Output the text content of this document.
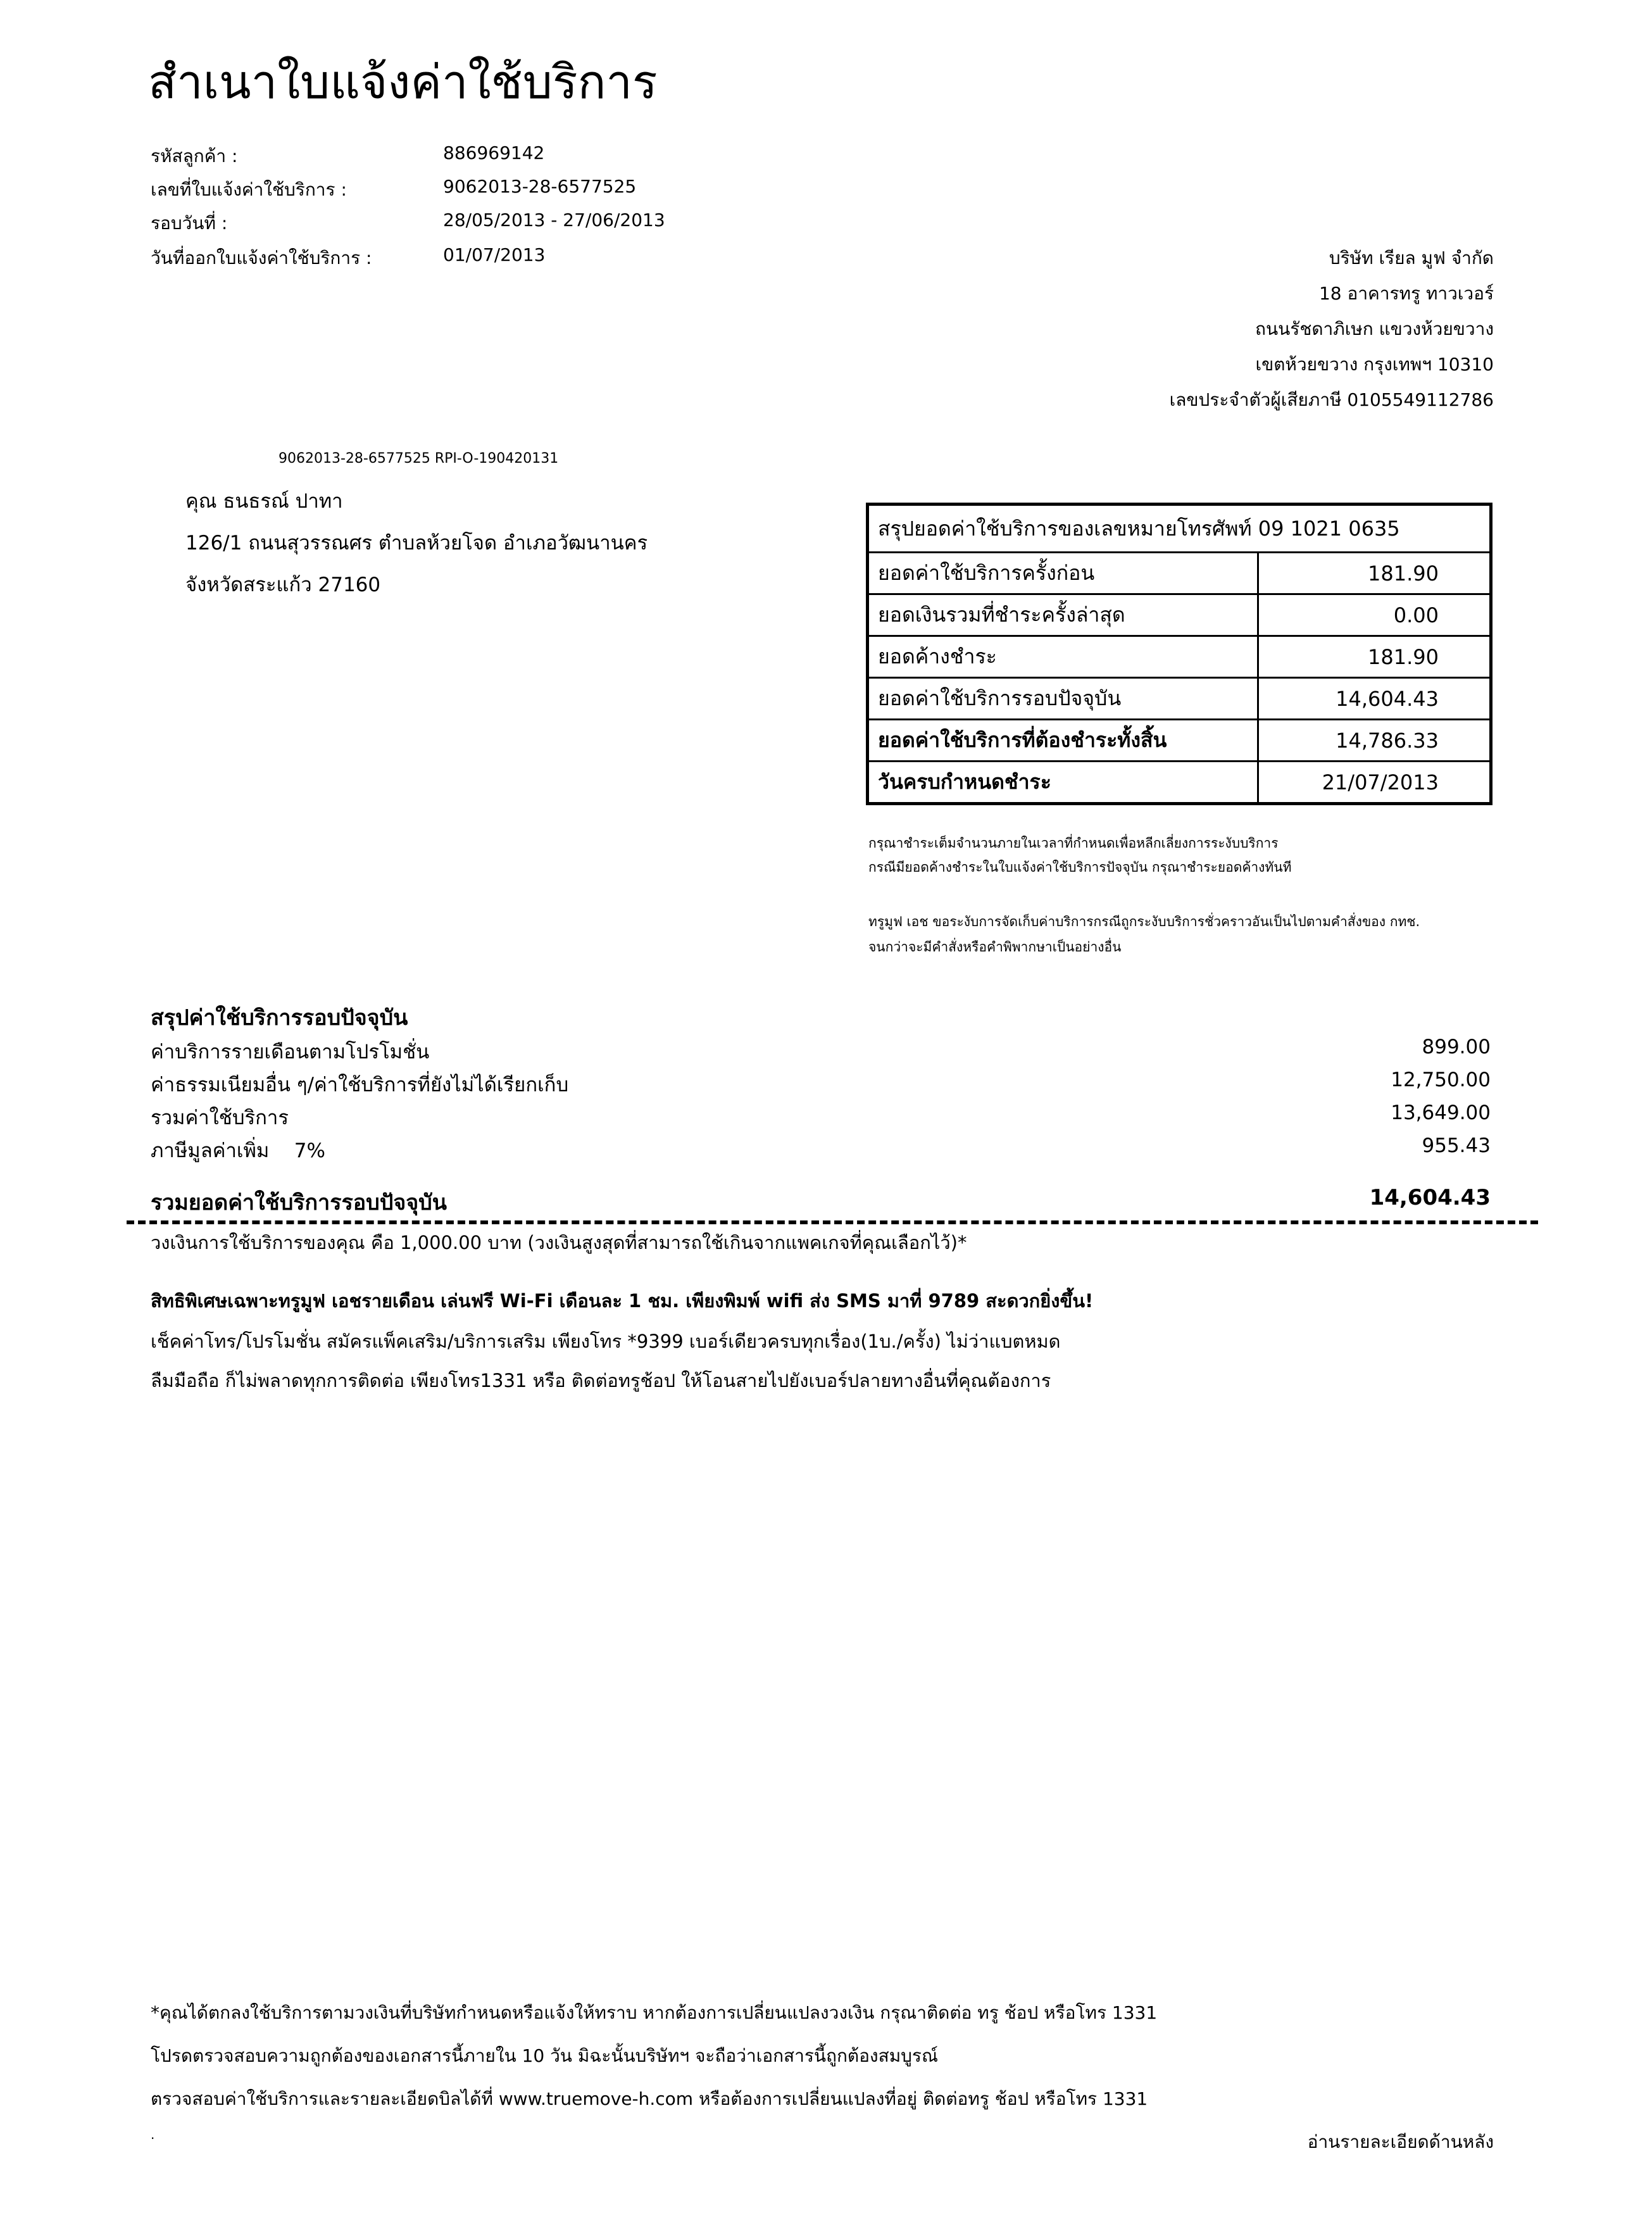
สำเนาใบแจ้งค่าใช้บริการ
รหัสลูกค้า :	886969142
เลขที่ใบแจ้งค่าใช้บริการ :	9062013-28-6577525
รอบวันที่ :	28/05/2013 - 27/06/2013
วันที่ออกใบแจ้งค่าใช้บริการ :	01/07/2013	บริษัท เรียล มูฟ จำกัด
18 อาคารทรู ทาวเวอร์
ถนนรัชดาภิเษก แขวงห้วยขวาง
เขตห้วยขวาง กรุงเทพฯ 10310
เลขประจำตัวผู้เสียภาษี 0105549112786
9062013-28-6577525 RPI-O-190420131
คุณ ธนธรณ์ ปาทา
126/1 ถนนสุวรรณศร ตำบลห้วยโจด อำเภอวัฒนานคร
จังหวัดสระแก้ว 27160
สรุปยอดค่าใช้บริการของเลขหมายโทรศัพท์ 09 1021 0635	
ยอดค่าใช้บริการครั้งก่อน	181.90
ยอดเงินรวมที่ชำระครั้งล่าสุด	0.00
ยอดค้างชำระ	181.90
ยอดค่าใช้บริการรอบปัจจุบัน	14,604.43
ยอดค่าใช้บริการที่ต้องชำระทั้งสิ้น	14,786.33
วันครบกำหนดชำระ	21/07/2013
กรุณาชำระเต็มจำนวนภายในเวลาที่กำหนดเพื่อหลีกเลี่ยงการระงับบริการ
กรณีมียอดค้างชำระในใบแจ้งค่าใช้บริการปัจจุบัน กรุณาชำระยอดค้างทันที
ทรูมูฟ เอช ขอระงับการจัดเก็บค่าบริการกรณีถูกระงับบริการชั่วคราวอันเป็นไปตามคำสั่งของ กทช.
จนกว่าจะมีคำสั่งหรือคำพิพากษาเป็นอย่างอื่น
สรุปค่าใช้บริการรอบปัจจุบัน
ค่าบริการรายเดือนตามโปรโมชั่น	899.00
ค่าธรรมเนียมอื่น ๆ/ค่าใช้บริการที่ยังไม่ได้เรียกเก็บ	12,750.00
รวมค่าใช้บริการ	13,649.00
ภาษีมูลค่าเพิ่ม    7%	955.43
รวมยอดค่าใช้บริการรอบปัจจุบัน	14,604.43
วงเงินการใช้บริการของคุณ คือ 1,000.00 บาท (วงเงินสูงสุดที่สามารถใช้เกินจากแพคเกจที่คุณเลือกไว้)*
สิทธิพิเศษเฉพาะทรูมูฟ เอชรายเดือน เล่นฟรี Wi-Fi เดือนละ 1 ชม. เพียงพิมพ์ wifi ส่ง SMS มาที่ 9789 สะดวกยิ่งขึ้น!
เช็คค่าโทร/โปรโมชั่น สมัครแพ็คเสริม/บริการเสริม เพียงโทร *9399 เบอร์เดียวครบทุกเรื่อง(1บ./ครั้ง) ไม่ว่าแบตหมด
ลืมมือถือ ก็ไม่พลาดทุกการติดต่อ เพียงโทร1331 หรือ ติดต่อทรูช้อป ให้โอนสายไปยังเบอร์ปลายทางอื่นที่คุณต้องการ
*คุณได้ตกลงใช้บริการตามวงเงินที่บริษัทกำหนดหรือแจ้งให้ทราบ หากต้องการเปลี่ยนแปลงวงเงิน กรุณาติดต่อ ทรู ช้อป หรือโทร 1331
โปรดตรวจสอบความถูกต้องของเอกสารนี้ภายใน 10 วัน มิฉะนั้นบริษัทฯ จะถือว่าเอกสารนี้ถูกต้องสมบูรณ์
ตรวจสอบค่าใช้บริการและรายละเอียดบิลได้ที่ www.truemove-h.com หรือต้องการเปลี่ยนแปลงที่อยู่ ติดต่อทรู ช้อป หรือโทร 1331
.	อ่านรายละเอียดด้านหลัง
